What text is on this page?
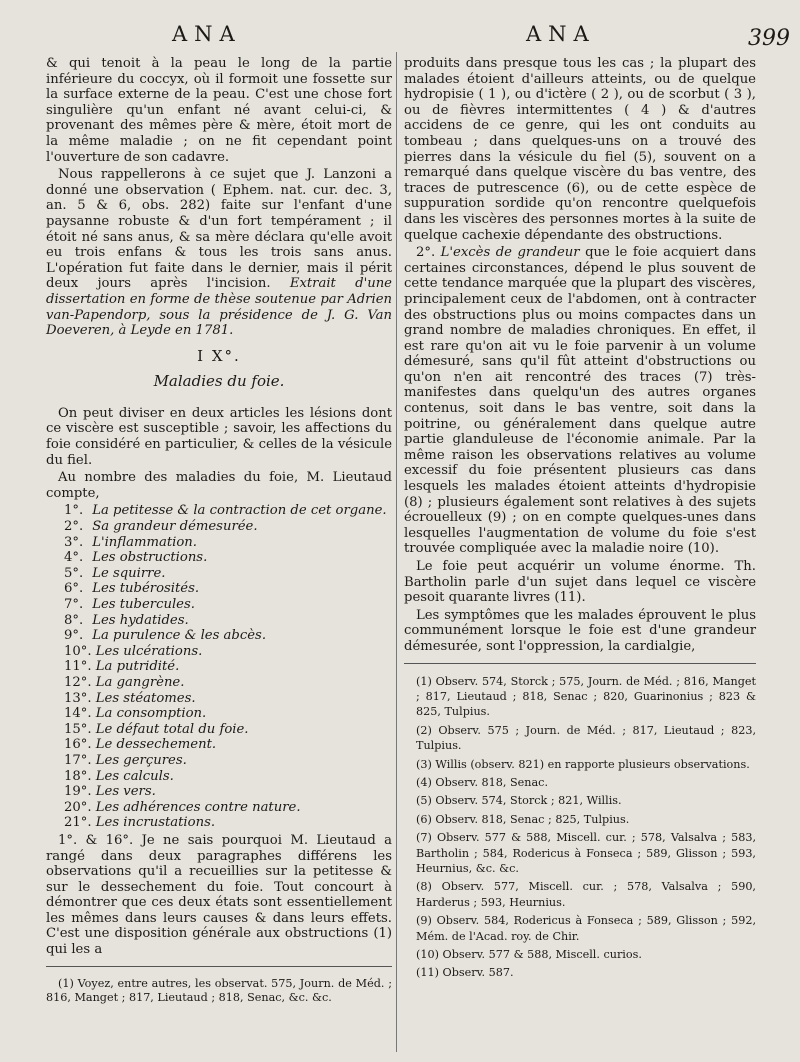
ANA	ANA	399

& qui tenoit à la peau le long de la partie inférieure du coccyx, où il formoit une fossette sur la surface externe de la peau. C'est une chose fort singulière qu'un enfant né avant celui-ci, & provenant des mêmes père & mère, étoit mort de la même maladie ; on ne fit cependant point l'ouverture de son cadavre.

Nous rappellerons à ce sujet que J. Lanzoni a donné une observation ( Ephem. nat. cur. dec. 3, an. 5 & 6, obs. 282) faite sur l'enfant d'une paysanne robuste & d'un fort tempérament ; il étoit né sans anus, & sa mère déclara qu'elle avoit eu trois enfans & tous les trois sans anus. L'opération fut faite dans le dernier, mais il périt deux jours après l'incision. Extrait d'une dissertation en forme de thèse soutenue par Adrien van-Papendorp, sous la présidence de J. G. Van Doeveren, à Leyde en 1781.

I X°.
Maladies du foie.

On peut diviser en deux articles les lésions dont ce viscère est susceptible ; savoir, les affections du foie considéré en particulier, & celles de la vésicule du fiel.

Au nombre des maladies du foie, M. Lieutaud compte,

1°. La petitesse & la contraction de cet organe.
2°. Sa grandeur démesurée.
3°. L'inflammation.
4°. Les obstructions.
5°. Le squirre.
6°. Les tubérosités.
7°. Les tubercules.
8°. Les hydatides.
9°. La purulence & les abcès.
10°. Les ulcérations.
11°. La putridité.
12°. La gangrène.
13°. Les stéatomes.
14°. La consomption.
15°. Le défaut total du foie.
16°. Le dessechement.
17°. Les gerçures.
18°. Les calculs.
19°. Les vers.
20°. Les adhérences contre nature.
21°. Les incrustations.

1°. & 16°. Je ne sais pourquoi M. Lieutaud a rangé dans deux paragraphes différens les observations qu'il a recueillies sur la petitesse & sur le dessechement du foie. Tout concourt à démontrer que ces deux états sont essentiellement les mêmes dans leurs causes & dans leurs effets. C'est une disposition générale aux obstructions (1) qui les a

(1) Voyez, entre autres, les observat. 575, Journ. de Méd. ; 816, Manget ; 817, Lieutaud ; 818, Senac, &c. &c.

produits dans presque tous les cas ; la plupart des malades étoient d'ailleurs atteints, ou de quelque hydropisie ( 1 ), ou d'ictère ( 2 ), ou de scorbut ( 3 ), ou de fièvres intermittentes ( 4 ) & d'autres accidens de ce genre, qui les ont conduits au tombeau ; dans quelques-uns on a trouvé des pierres dans la vésicule du fiel (5), souvent on a remarqué dans quelque viscère du bas ventre, des traces de putrescence (6), ou de cette espèce de suppuration sordide qu'on rencontre quelquefois dans les viscères des personnes mortes à la suite de quelque cachexie dépendante des obstructions.

2°. L'excès de grandeur que le foie acquiert dans certaines circonstances, dépend le plus souvent de cette tendance marquée que la plupart des viscères, principalement ceux de l'abdomen, ont à contracter des obstructions plus ou moins compactes dans un grand nombre de maladies chroniques. En effet, il est rare qu'on ait vu le foie parvenir à un volume démesuré, sans qu'il fût atteint d'obstructions ou qu'on n'en ait rencontré des traces (7) très-manifestes dans quelqu'un des autres organes contenus, soit dans le bas ventre, soit dans la poitrine, ou généralement dans quelque autre partie glanduleuse de l'économie animale. Par la même raison les observations relatives au volume excessif du foie présentent plusieurs cas dans lesquels les malades étoient atteints d'hydropisie (8) ; plusieurs également sont relatives à des sujets écrouelleux (9) ; on en compte quelques-unes dans lesquelles l'augmentation de volume du foie s'est trouvée compliquée avec la maladie noire (10).

Le foie peut acquérir un volume énorme. Th. Bartholin parle d'un sujet dans lequel ce viscère pesoit quarante livres (11).

Les symptômes que les malades éprouvent le plus communément lorsque le foie est d'une grandeur démesurée, sont l'oppression, la cardialgie,

(1) Observ. 574, Storck ; 575, Journ. de Méd. ; 816, Manget ; 817, Lieutaud ; 818, Senac ; 820, Guarinonius ; 823 & 825, Tulpius.
(2) Observ. 575 ; Journ. de Méd. ; 817, Lieutaud ; 823, Tulpius.
(3) Willis (observ. 821) en rapporte plusieurs observations.
(4) Observ. 818, Senac.
(5) Observ. 574, Storck ; 821, Willis.
(6) Observ. 818, Senac ; 825, Tulpius.
(7) Observ. 577 & 588, Miscell. cur. ; 578, Valsalva ; 583, Bartholin ; 584, Rodericus à Fonseca ; 589, Glisson ; 593, Heurnius, &c. &c.
(8) Observ. 577, Miscell. cur. ; 578, Valsalva ; 590, Harderus ; 593, Heurnius.
(9) Observ. 584, Rodericus à Fonseca ; 589, Glisson ; 592, Mém. de l'Acad. roy. de Chir.
(10) Observ. 577 & 588, Miscell. curios.
(11) Observ. 587.
